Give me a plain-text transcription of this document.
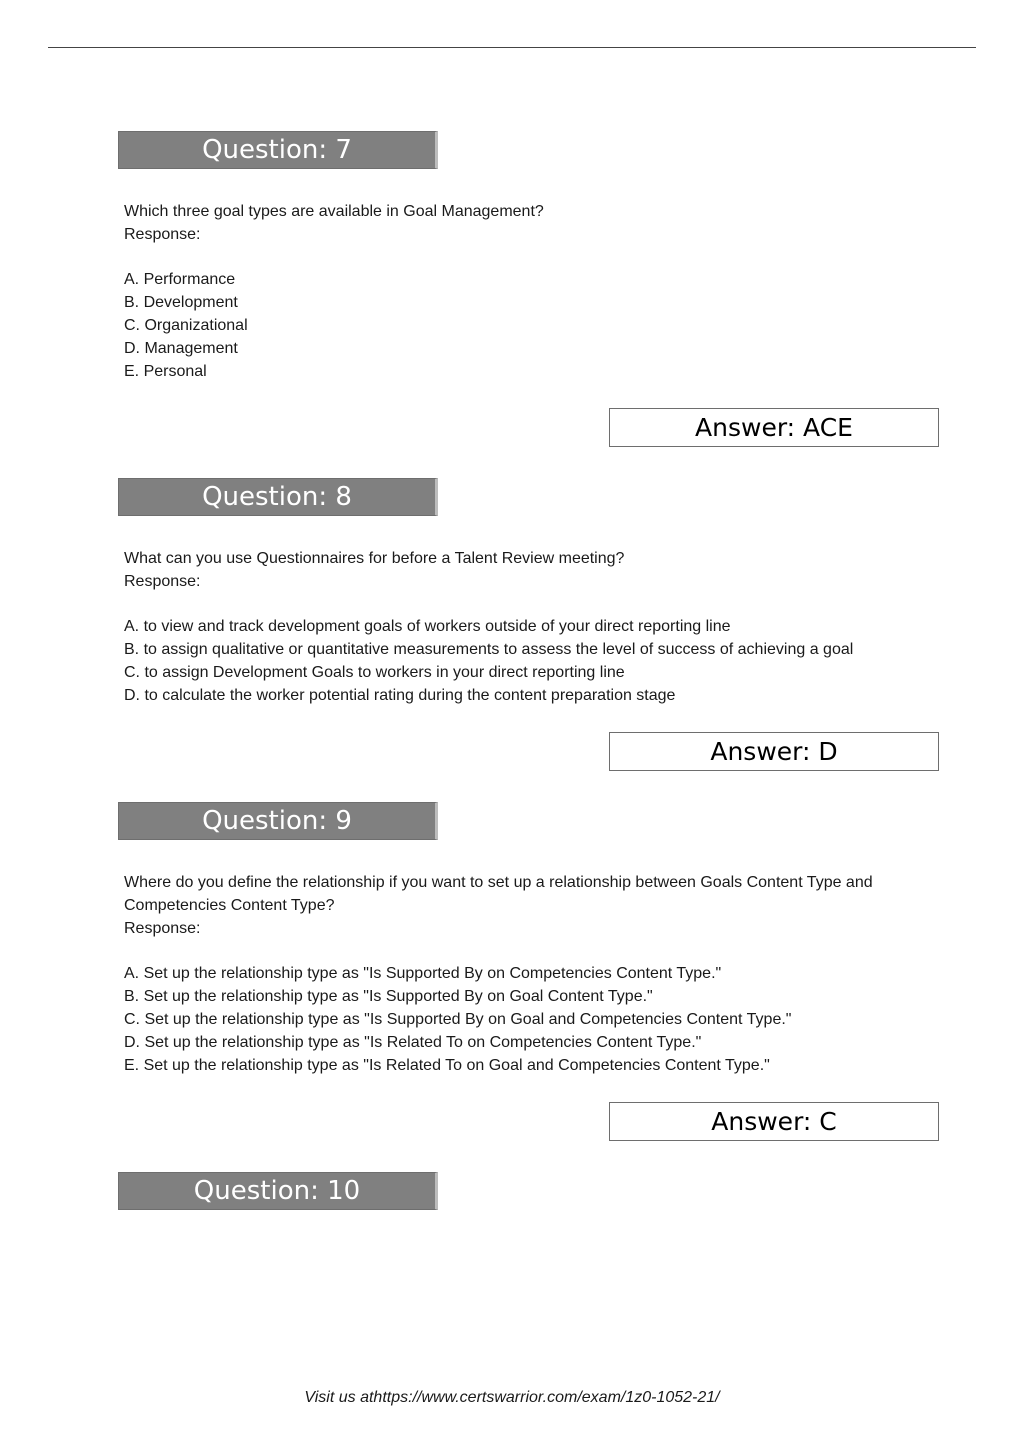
Question: 7

Which three goal types are available in Goal Management?

Response:

A. Performance
B. Development
C. Organizational
D. Management
E. Personal
Answer: ACE
Question: 8

What can you use Questionnaires for before a Talent Review meeting?

Response:

A. to view and track development goals of workers outside of your direct reporting line
B. to assign qualitative or quantitative measurements to assess the level of success of achieving a goal
C. to assign Development Goals to workers in your direct reporting line
D. to calculate the worker potential rating during the content preparation stage
Answer: D
Question: 9

Where do you define the relationship if you want to set up a relationship between Goals Content Type and Competencies Content Type?

Response:

A. Set up the relationship type as "Is Supported By on Competencies Content Type."
B. Set up the relationship type as "Is Supported By on Goal Content Type."
C. Set up the relationship type as "Is Supported By on Goal and Competencies Content Type."
D. Set up the relationship type as "Is Related To on Competencies Content Type."
E. Set up the relationship type as "Is Related To on Goal and Competencies Content Type."
Answer: C
Question: 10
Visit us athttps://www.certswarrior.com/exam/1z0-1052-21/
